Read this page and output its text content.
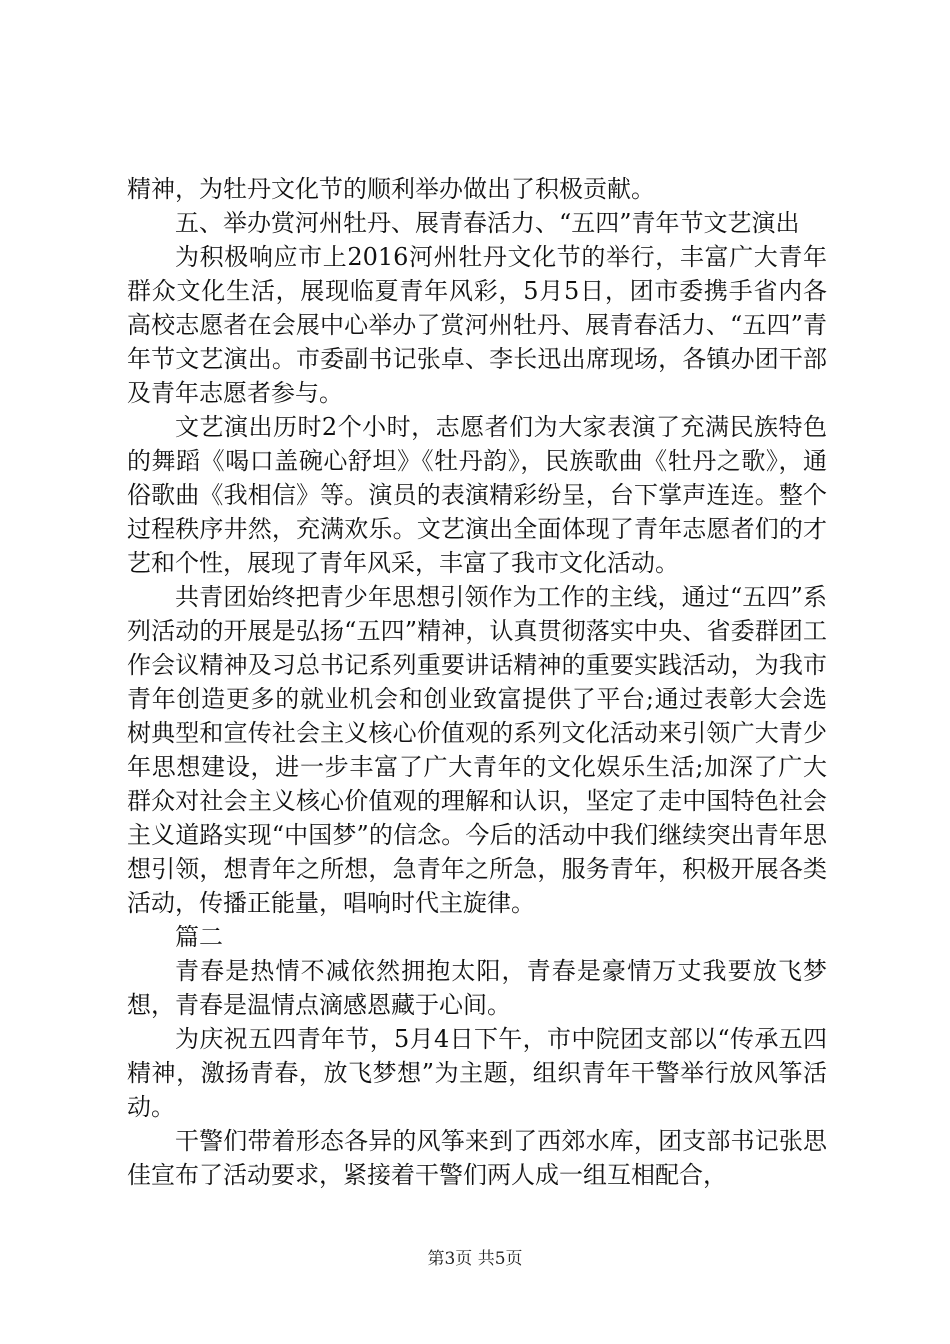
精神，为牡丹文化节的顺利举办做出了积极贡献。

五、举办赏河州牡丹、展青春活力、“五四”青年节文艺演出

为积极响应市上2016河州牡丹文化节的举行，丰富广大青年群众文化生活，展现临夏青年风彩，5月5日，团市委携手省内各高校志愿者在会展中心举办了赏河州牡丹、展青春活力、“五四”青年节文艺演出。市委副书记张卓、李长迅出席现场，各镇办团干部及青年志愿者参与。

文艺演出历时2个小时，志愿者们为大家表演了充满民族特色的舞蹈《喝口盖碗心舒坦》《牡丹韵》，民族歌曲《牡丹之歌》，通俗歌曲《我相信》等。演员的表演精彩纷呈，台下掌声连连。整个过程秩序井然，充满欢乐。文艺演出全面体现了青年志愿者们的才艺和个性，展现了青年风采，丰富了我市文化活动。

共青团始终把青少年思想引领作为工作的主线，通过“五四”系列活动的开展是弘扬“五四”精神，认真贯彻落实中央、省委群团工作会议精神及习总书记系列重要讲话精神的重要实践活动，为我市青年创造更多的就业机会和创业致富提供了平台;通过表彰大会选树典型和宣传社会主义核心价值观的系列文化活动来引领广大青少年思想建设，进一步丰富了广大青年的文化娱乐生活;加深了广大群众对社会主义核心价值观的理解和认识，坚定了走中国特色社会主义道路实现“中国梦”的信念。今后的活动中我们继续突出青年思想引领，想青年之所想，急青年之所急，服务青年，积极开展各类活动，传播正能量，唱响时代主旋律。

篇二

青春是热情不减依然拥抱太阳，青春是豪情万丈我要放飞梦想，青春是温情点滴感恩藏于心间。

为庆祝五四青年节，5月4日下午，市中院团支部以“传承五四精神，激扬青春，放飞梦想”为主题，组织青年干警举行放风筝活动。

干警们带着形态各异的风筝来到了西郊水库，团支部书记张思佳宣布了活动要求，紧接着干警们两人成一组互相配合，

第3页 共5页
